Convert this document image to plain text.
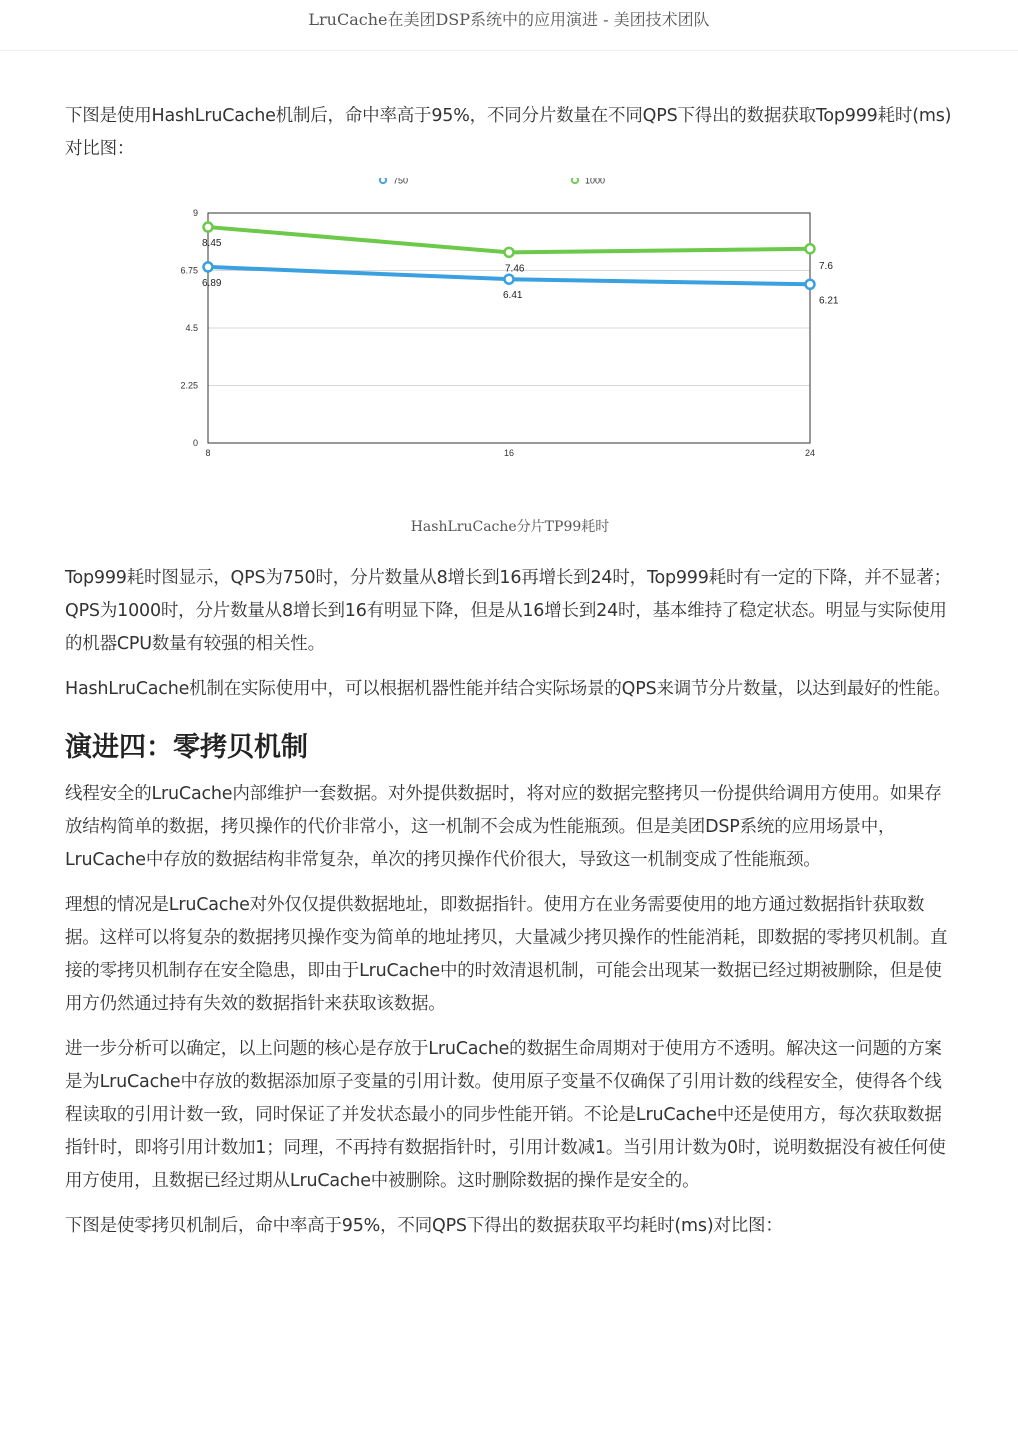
LruCache在美团DSP系统中的应用演进 - 美团技术团队

下图是使用HashLruCache机制后，命中率高于95%，不同分片数量在不同QPS下得出的数据获取Top999耗时(ms)对比图：

0
2.25
4.5
6.75
9
8	16	24
750	1000
6.89
6.41	6.21
8.45
7.46	7.6
HashLruCache分片TP99耗时

Top999耗时图显示，QPS为750时，分片数量从8增长到16再增长到24时，Top999耗时有一定的下降，并不显著；QPS为1000时，分片数量从8增长到16有明显下降，但是从16增长到24时，基本维持了稳定状态。明显与实际使用的机器CPU数量有较强的相关性。

HashLruCache机制在实际使用中，可以根据机器性能并结合实际场景的QPS来调节分片数量，以达到最好的性能。

演进四：零拷贝机制

线程安全的LruCache内部维护一套数据。对外提供数据时，将对应的数据完整拷贝一份提供给调用方使用。如果存放结构简单的数据，拷贝操作的代价非常小，这一机制不会成为性能瓶颈。但是美团DSP系统的应用场景中，LruCache中存放的数据结构非常复杂，单次的拷贝操作代价很大，导致这一机制变成了性能瓶颈。

理想的情况是LruCache对外仅仅提供数据地址，即数据指针。使用方在业务需要使用的地方通过数据指针获取数据。这样可以将复杂的数据拷贝操作变为简单的地址拷贝，大量减少拷贝操作的性能消耗，即数据的零拷贝机制。直接的零拷贝机制存在安全隐患，即由于LruCache中的时效清退机制，可能会出现某一数据已经过期被删除，但是使用方仍然通过持有失效的数据指针来获取该数据。

进一步分析可以确定，以上问题的核心是存放于LruCache的数据生命周期对于使用方不透明。解决这一问题的方案是为LruCache中存放的数据添加原子变量的引用计数。使用原子变量不仅确保了引用计数的线程安全，使得各个线程读取的引用计数一致，同时保证了并发状态最小的同步性能开销。不论是LruCache中还是使用方，每次获取数据指针时，即将引用计数加1；同理，不再持有数据指针时，引用计数减1。当引用计数为0时，说明数据没有被任何使用方使用，且数据已经过期从LruCache中被删除。这时删除数据的操作是安全的。

下图是使零拷贝机制后，命中率高于95%，不同QPS下得出的数据获取平均耗时(ms)对比图：
